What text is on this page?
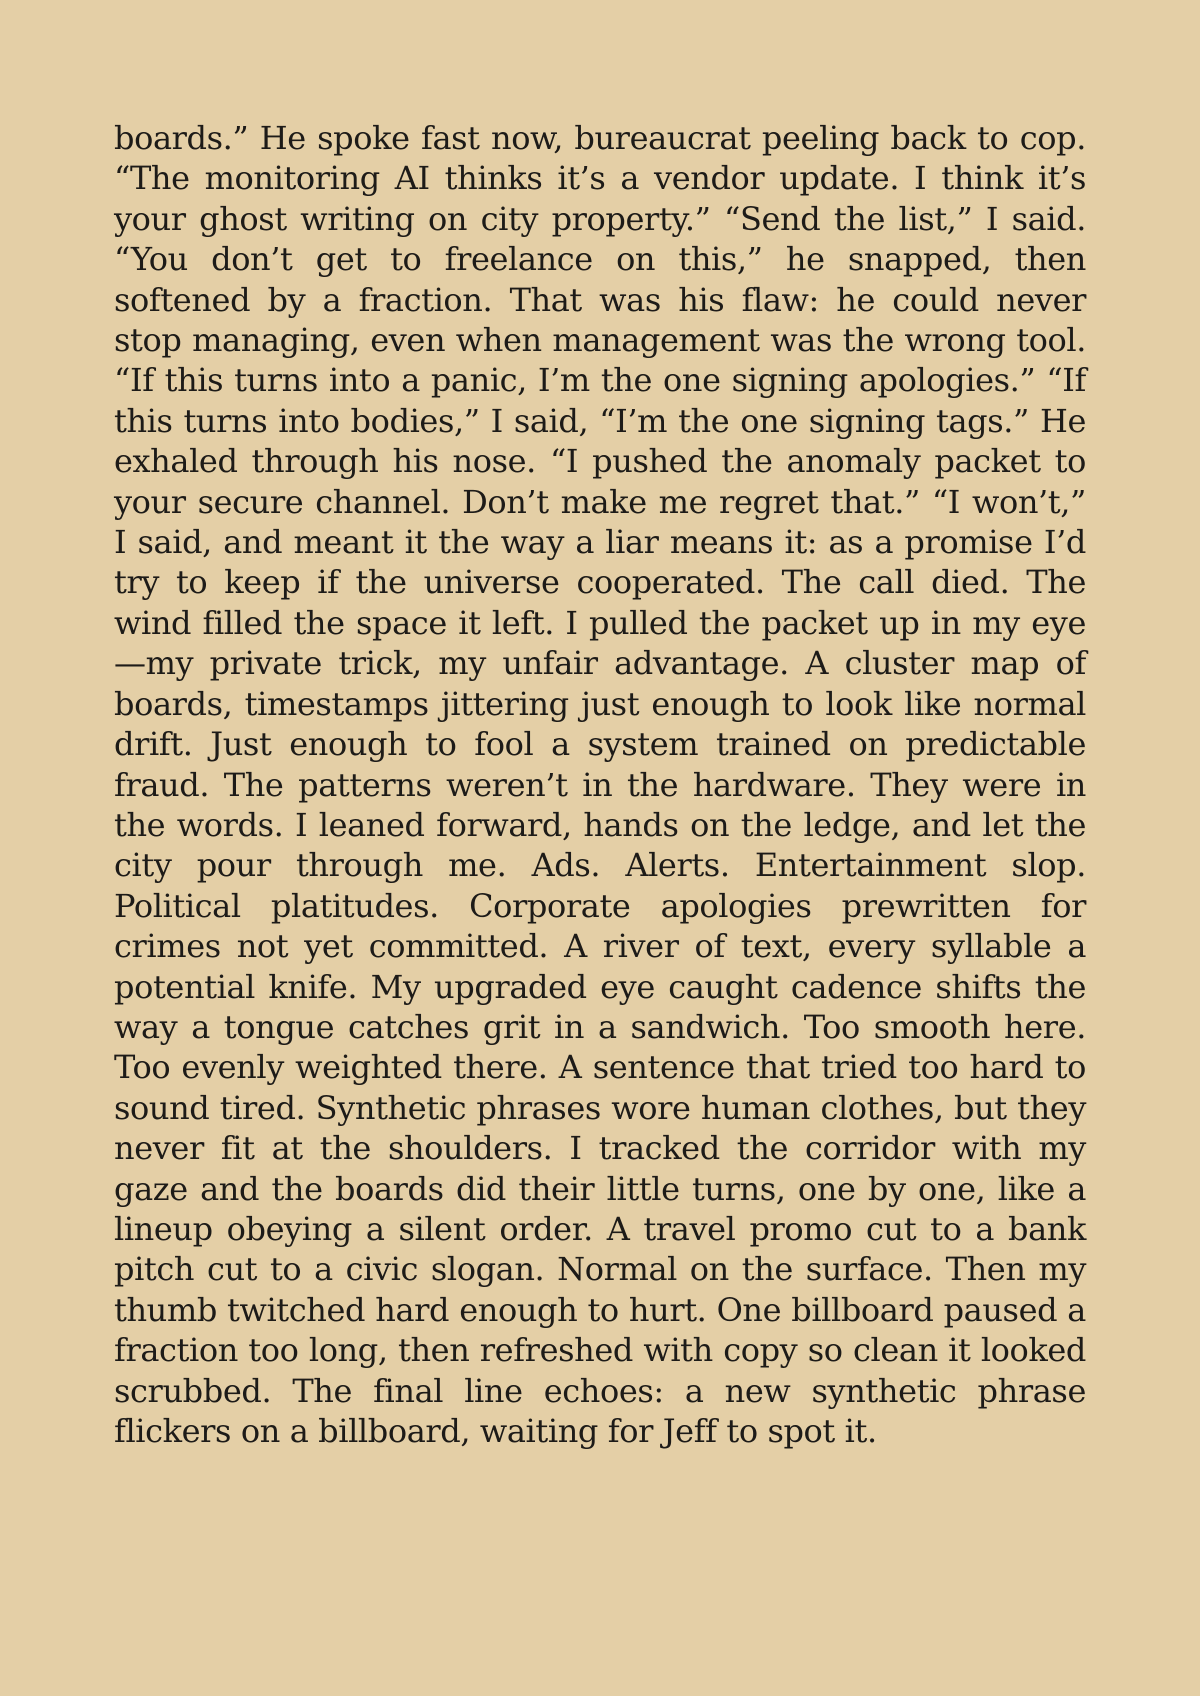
boards.” He spoke fast now, bureaucrat peeling back to cop. “The monitoring AI thinks it’s a vendor update. I think it’s your ghost writing on city property.” “Send the list,” I said. “You don’t get to freelance on this,” he snapped, then softened by a fraction. That was his flaw: he could never stop managing, even when management was the wrong tool. “If this turns into a panic, I’m the one signing apologies.” “If this turns into bodies,” I said, “I’m the one signing tags.” He exhaled through his nose. “I pushed the anomaly packet to your secure channel. Don’t make me regret that.” “I won’t,” I said, and meant it the way a liar means it: as a promise I’d try to keep if the universe cooperated. The call died. The wind filled the space it left. I pulled the packet up in my eye—my private trick, my unfair advantage. A cluster map of boards, timestamps jittering just enough to look like normal drift. Just enough to fool a system trained on predictable fraud. The patterns weren’t in the hardware. They were in the words. I leaned forward, hands on the ledge, and let the city pour through me. Ads. Alerts. Entertainment slop. Political platitudes. Corporate apologies prewritten for crimes not yet committed. A river of text, every syllable a potential knife. My upgraded eye caught cadence shifts the way a tongue catches grit in a sandwich. Too smooth here. Too evenly weighted there. A sentence that tried too hard to sound tired. Synthetic phrases wore human clothes, but they never fit at the shoulders. I tracked the corridor with my gaze and the boards did their little turns, one by one, like a lineup obeying a silent order. A travel promo cut to a bank pitch cut to a civic slogan. Normal on the surface. Then my thumb twitched hard enough to hurt. One billboard paused a fraction too long, then refreshed with copy so clean it looked scrubbed. The final line echoes: a new synthetic phrase flickers on a billboard, waiting for Jeff to spot it.
